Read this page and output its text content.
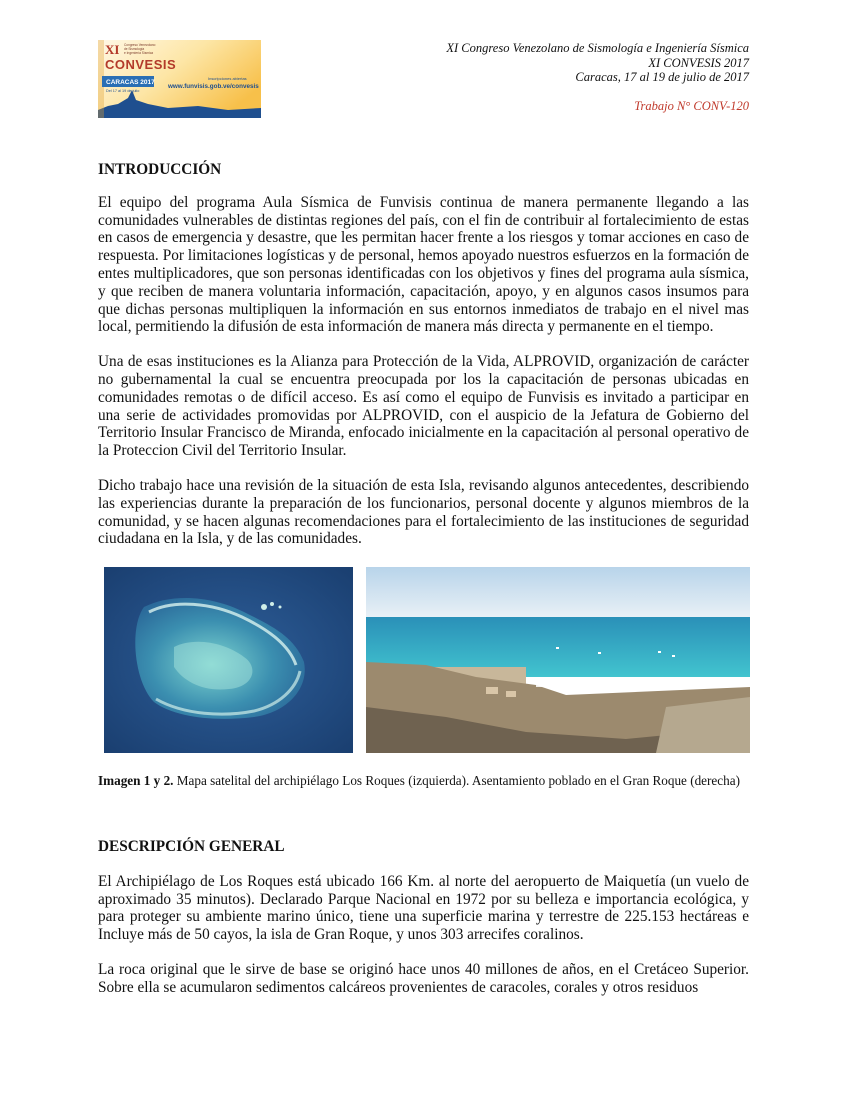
XI
CONVESIS
Congreso Venezolano
de Sismología
e Ingeniería Sísmica
CARACAS 2017
Del 17 al 19 de julio
Inscripciones abiertas
www.funvisis.gob.ve/convesis
XI Congreso Venezolano de Sismología e Ingeniería Sísmica
XI CONVESIS 2017
Caracas, 17 al 19 de julio de 2017
Trabajo N° CONV-120
INTRODUCCIÓN

El equipo del programa Aula Sísmica de Funvisis continua de manera permanente llegando a las comunidades vulnerables de distintas regiones del país, con el fin de contribuir al fortalecimiento de estas en casos de emergencia y desastre, que les permitan hacer frente a los riesgos y tomar acciones en caso de respuesta. Por limitaciones logísticas y de personal, hemos apoyado nuestros esfuerzos en la formación de entes multiplicadores, que son personas identificadas con los objetivos y fines del programa aula sísmica, y que reciben de manera voluntaria información, capacitación, apoyo, y en algunos casos insumos para que dichas personas multipliquen la información en sus entornos inmediatos de trabajo en el nivel mas local, permitiendo la difusión de esta información de manera más directa y permanente en el tiempo.

Una de esas instituciones es la Alianza para Protección de la Vida, ALPROVID, organización de carácter no gubernamental la cual se encuentra preocupada por los la capacitación de personas ubicadas en comunidades remotas o de difícil acceso. Es así como el equipo de Funvisis es invitado a participar en una serie de actividades promovidas por ALPROVID, con el auspicio de la Jefatura de Gobierno del Territorio Insular Francisco de Miranda, enfocado inicialmente en la capacitación al personal operativo de la Proteccion Civil del Territorio Insular.

Dicho trabajo hace una revisión de la situación de esta Isla, revisando algunos antecedentes, describiendo las experiencias durante la preparación de los funcionarios, personal docente y algunos miembros de la comunidad, y se hacen algunas recomendaciones para el fortalecimiento de las instituciones de seguridad ciudadana en la Isla, y de las comunidades.

Imagen 1 y 2. Mapa satelital del archipiélago Los Roques (izquierda). Asentamiento poblado en el Gran Roque (derecha)
DESCRIPCIÓN GENERAL

El Archipiélago de Los Roques está ubicado 166 Km. al norte del aeropuerto de Maiquetía (un vuelo de aproximado 35 minutos). Declarado Parque Nacional en 1972 por su belleza e importancia ecológica, y para proteger su ambiente marino único, tiene una superficie marina y terrestre de 225.153 hectáreas e Incluye más de 50 cayos, la isla de Gran Roque, y unos 303 arrecifes coralinos.

La roca original que le sirve de base se originó hace unos 40 millones de años, en el Cretáceo Superior. Sobre ella se acumularon sedimentos calcáreos provenientes de caracoles, corales y otros residuos
